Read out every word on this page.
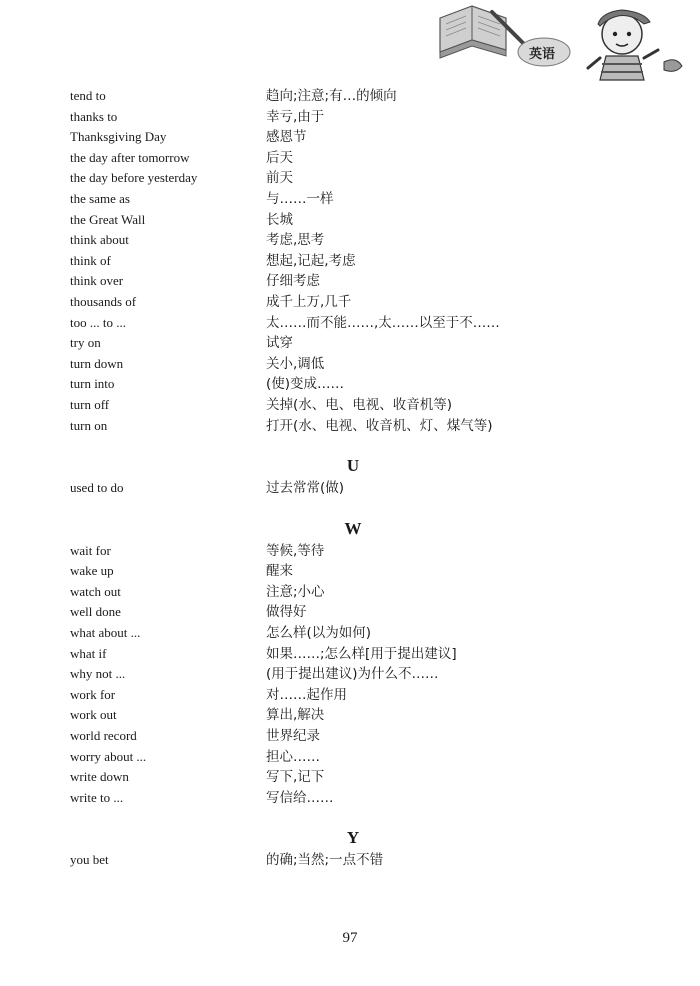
英语
tend to	趋向;注意;有…的倾向
thanks to	幸亏,由于
Thanksgiving Day	感恩节
the day after tomorrow	后天
the day before yesterday	前天
the same as	与……一样
the Great Wall	长城
think about	考虑,思考
think of	想起,记起,考虑
think over	仔细考虑
thousands of	成千上万,几千
too ... to ...	太……而不能……,太……以至于不……
try on	试穿
turn down	关小,调低
turn into	(使)变成……
turn off	关掉(水、电、电视、收音机等)
turn on	打开(水、电视、收音机、灯、煤气等)
U
used to do	过去常常(做)
W
wait for	等候,等待
wake up	醒来
watch out	注意;小心
well done	做得好
what about ...	怎么样(以为如何)
what if	如果……;怎么样[用于提出建议]
why not ...	(用于提出建议)为什么不……
work for	对……起作用
work out	算出,解决
world record	世界纪录
worry about ...	担心……
write down	写下,记下
write to ...	写信给……
Y
you bet	的确;当然;一点不错
97
